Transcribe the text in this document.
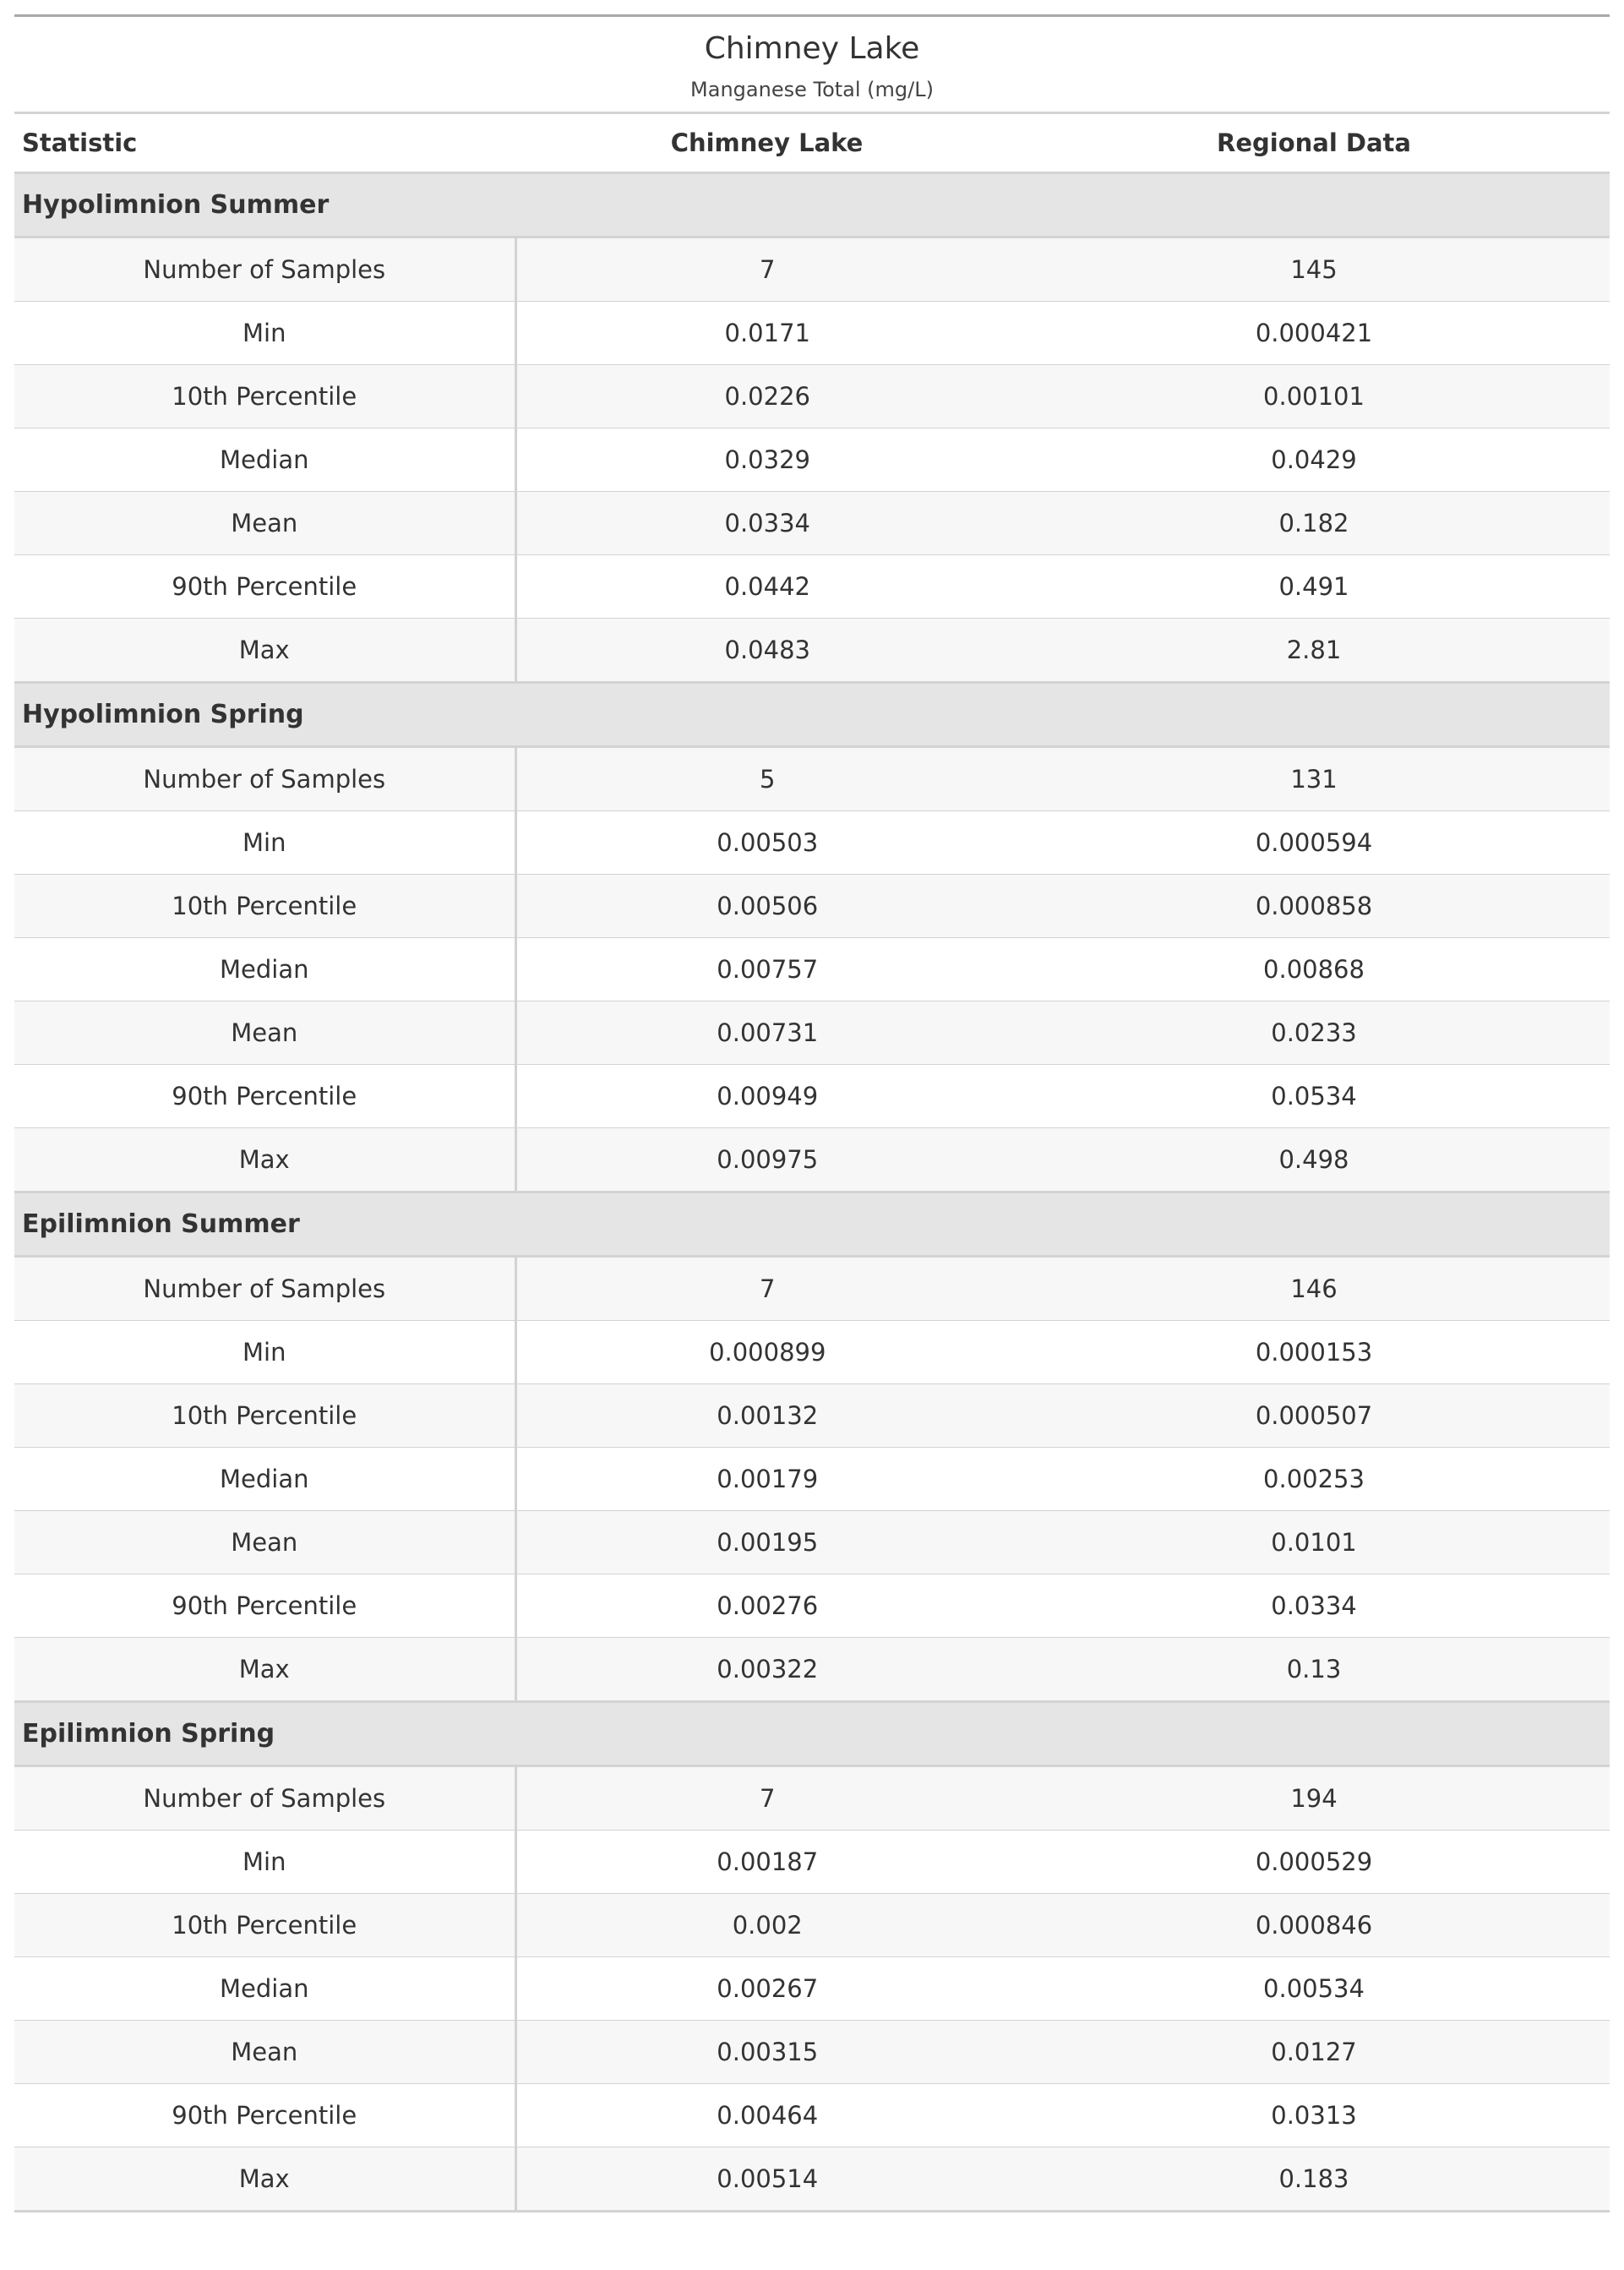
Chimney Lake
Manganese Total (mg/L)		

Statistic	Chimney Lake	Regional Data
Hypolimnion Summer		
Number of Samples	7	145
Min	0.0171	0.000421
10th Percentile	0.0226	0.00101
Median	0.0329	0.0429
Mean	0.0334	0.182
90th Percentile	0.0442	0.491
Max	0.0483	2.81
Hypolimnion Spring		
Number of Samples	5	131
Min	0.00503	0.000594
10th Percentile	0.00506	0.000858
Median	0.00757	0.00868
Mean	0.00731	0.0233
90th Percentile	0.00949	0.0534
Max	0.00975	0.498
Epilimnion Summer		
Number of Samples	7	146
Min	0.000899	0.000153
10th Percentile	0.00132	0.000507
Median	0.00179	0.00253
Mean	0.00195	0.0101
90th Percentile	0.00276	0.0334
Max	0.00322	0.13
Epilimnion Spring		
Number of Samples	7	194
Min	0.00187	0.000529
10th Percentile	0.002	0.000846
Median	0.00267	0.00534
Mean	0.00315	0.0127
90th Percentile	0.00464	0.0313
Max	0.00514	0.183
